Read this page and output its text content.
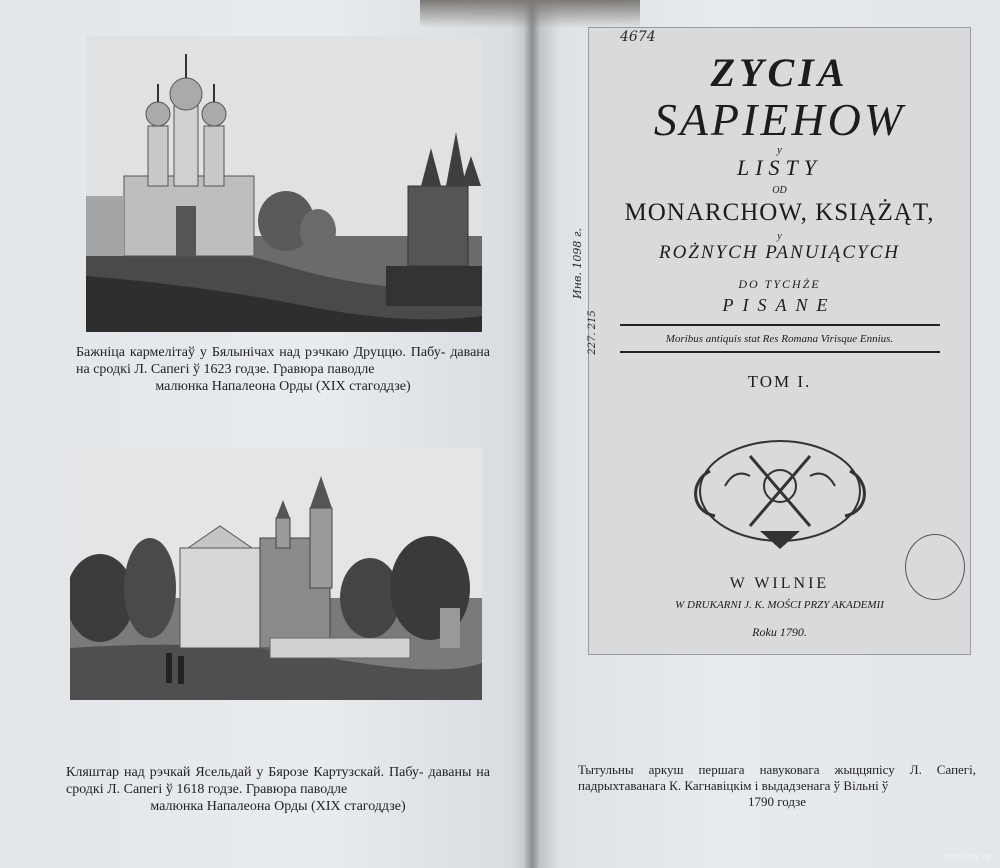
Бажніца кармелітаў у Бялынічах над рэчкаю Друццю. Пабу- давана на сродкі Л. Сапегі ў 1623 годзе. Гравюра паводле
малюнка Напалеона Орды (XIX стагоддзе)
Кляштар над рэчкай Ясельдай у Бярозе Картузскай. Пабу- даваны на сродкі Л. Сапегі ў 1618 годзе. Гравюра паводле
малюнка Напалеона Орды (XIX стагоддзе)
4674
Инв. 1098 г.
227. 215
ZYCIA
SAPIEHOW
y
LISTY
OD
MONARCHOW, KSIĄŻĄT,
y
ROŻNYCH PANUIĄCYCH
DO TYCHŻE
PISANE
Moribus antiquis stat Res Romana Virisque Ennius.
TOM I.
W WILNIE
W DRUKARNI J. K. MOŚCI PRZY AKADEMII
Roku 1790.
Тытульны аркуш першага навуковага жыццяпісу Л. Сапегі, падрыхтаванага К. Кагнавіцкім і выдадзенага ў Вільні ў
1790 годзе
www.ay.by
